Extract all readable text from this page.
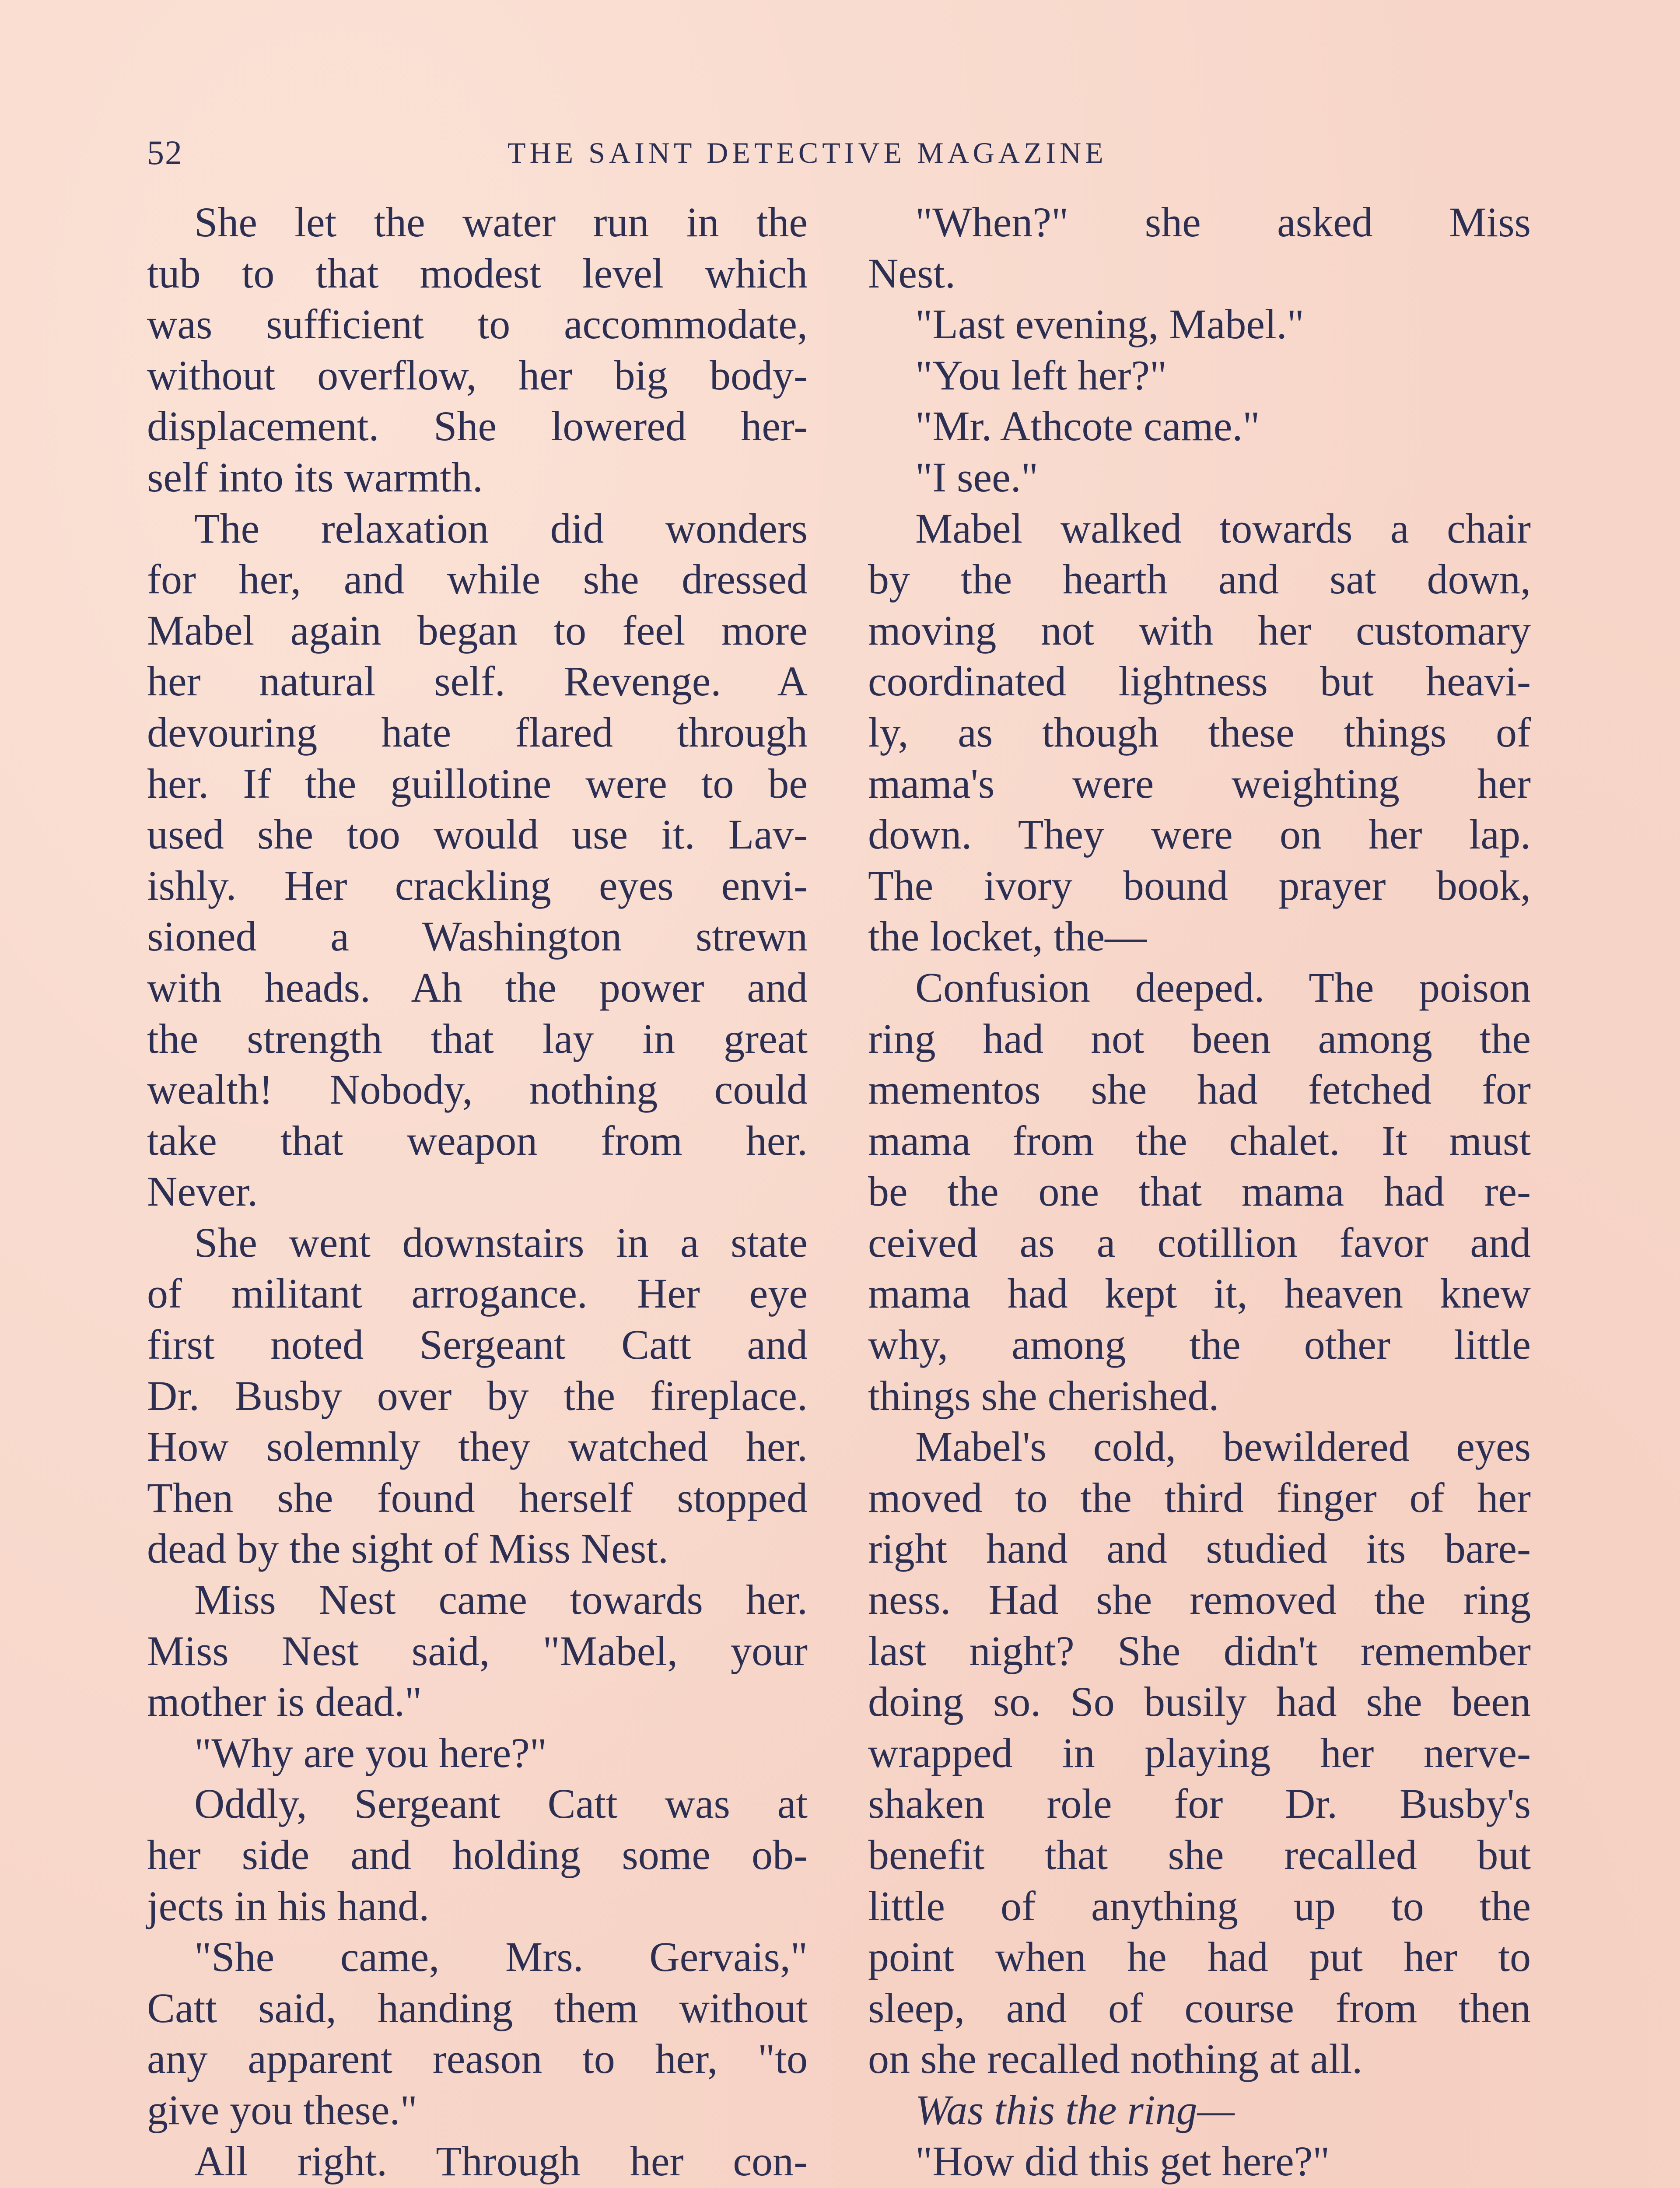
52	THE SAINT DETECTIVE MAGAZINE
She let the water run in the
tub to that modest level which
was sufficient to accommodate,
without overflow, her big body-
displacement. She lowered her-
self into its warmth.
The relaxation did wonders
for her, and while she dressed
Mabel again began to feel more
her natural self. Revenge. A
devouring hate flared through
her. If the guillotine were to be
used she too would use it. Lav-
ishly. Her crackling eyes envi-
sioned a Washington strewn
with heads. Ah the power and
the strength that lay in great
wealth! Nobody, nothing could
take that weapon from her.
Never.
She went downstairs in a state
of militant arrogance. Her eye
first noted Sergeant Catt and
Dr. Busby over by the fireplace.
How solemnly they watched her.
Then she found herself stopped
dead by the sight of Miss Nest.
Miss Nest came towards her.
Miss Nest said, "Mabel, your
mother is dead."
"Why are you here?"
Oddly, Sergeant Catt was at
her side and holding some ob-
jects in his hand.
"She came, Mrs. Gervais,"
Catt said, handing them without
any apparent reason to her, "to
give you these."
All right. Through her con-
"When?" she asked Miss
Nest.
"Last evening, Mabel."
"You left her?"
"Mr. Athcote came."
"I see."
Mabel walked towards a chair
by the hearth and sat down,
moving not with her customary
coordinated lightness but heavi-
ly, as though these things of
mama's were weighting her
down. They were on her lap.
The ivory bound prayer book,
the locket, the—
Confusion deeped. The poison
ring had not been among the
mementos she had fetched for
mama from the chalet. It must
be the one that mama had re-
ceived as a cotillion favor and
mama had kept it, heaven knew
why, among the other little
things she cherished.
Mabel's cold, bewildered eyes
moved to the third finger of her
right hand and studied its bare-
ness. Had she removed the ring
last night? She didn't remember
doing so. So busily had she been
wrapped in playing her nerve-
shaken role for Dr. Busby's
benefit that she recalled but
little of anything up to the
point when he had put her to
sleep, and of course from then
on she recalled nothing at all.
Was this the ring—
"How did this get here?"
